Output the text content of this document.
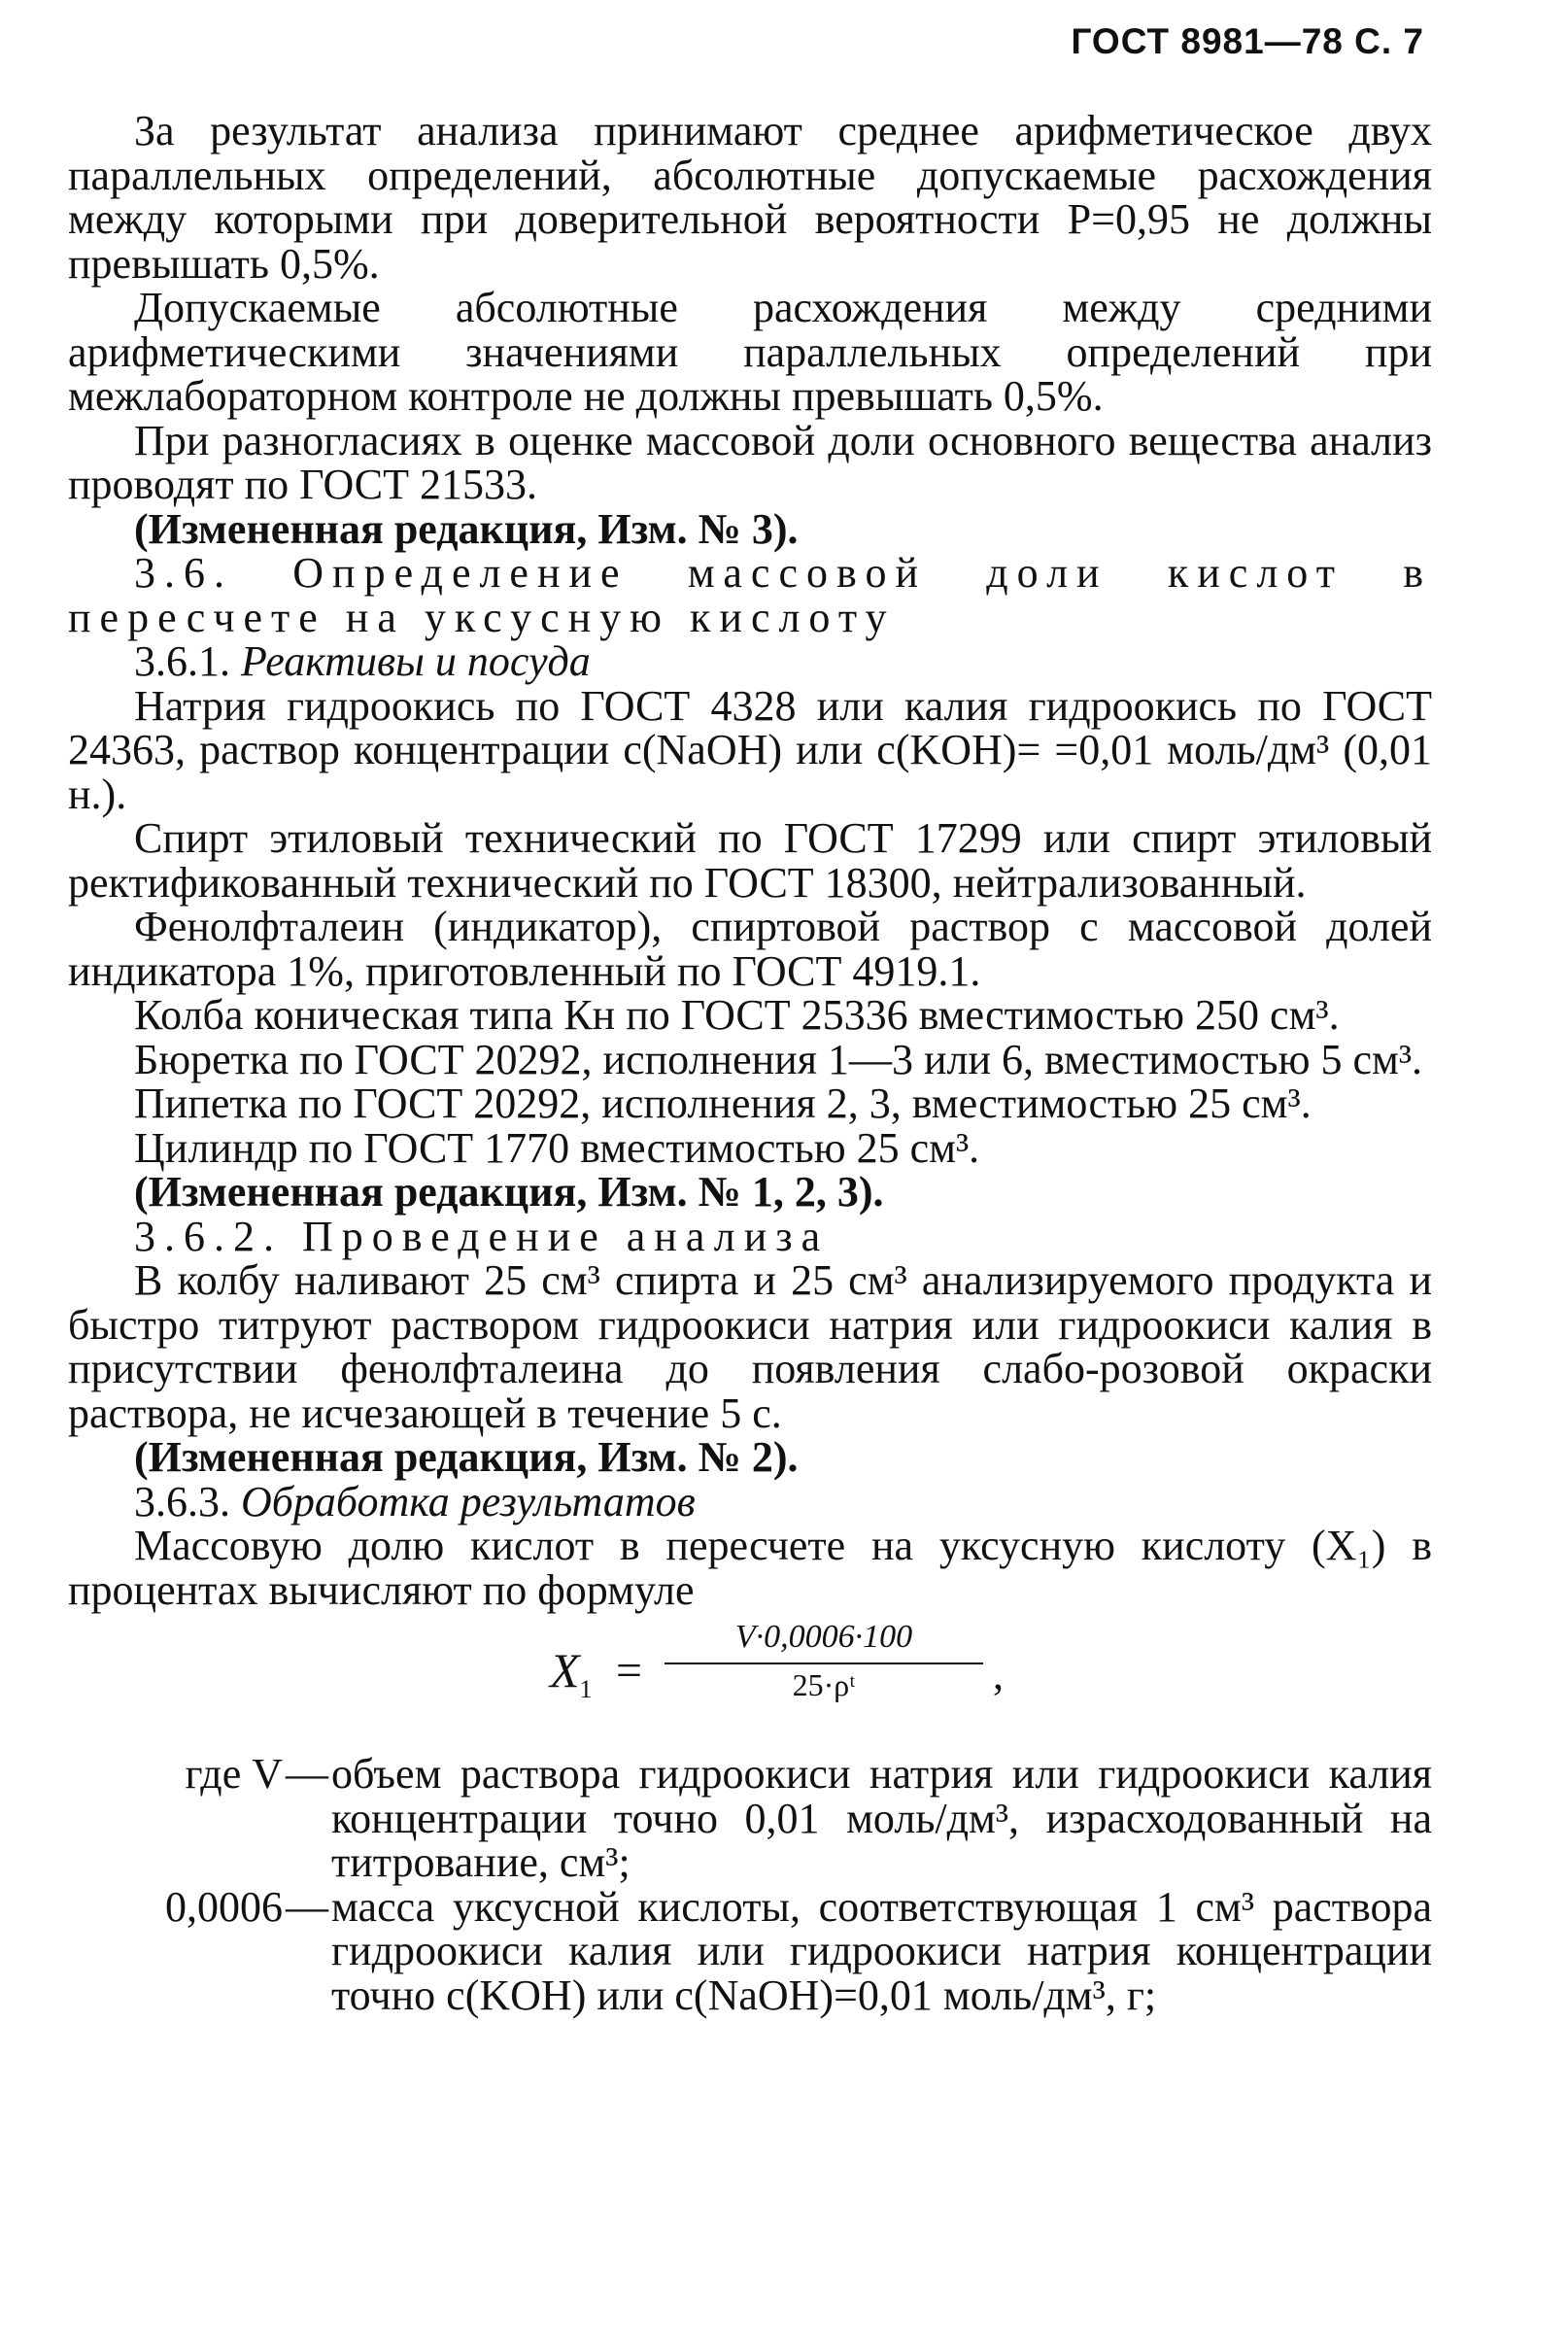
ГОСТ 8981—78 С. 7

За результат анализа принимают среднее арифметическое двух параллельных определений, абсолютные допускаемые расхождения между которыми при доверительной вероятности P=0,95 не должны превышать 0,5%.

Допускаемые абсолютные расхождения между средними арифметическими значениями параллельных определений при межлабораторном контроле не должны превышать 0,5%.

При разногласиях в оценке массовой доли основного вещества анализ проводят по ГОСТ 21533.

(Измененная редакция, Изм. № 3).

3.6. Определение массовой доли кислот в пересчете на уксусную кислоту

3.6.1. Реактивы и посуда

Натрия гидроокись по ГОСТ 4328 или калия гидроокись по ГОСТ 24363, раствор концентрации c(NaOH) или c(KOH)= =0,01 моль/дм³ (0,01 н.).

Спирт этиловый технический по ГОСТ 17299 или спирт этиловый ректификованный технический по ГОСТ 18300, нейтрализованный.

Фенолфталеин (индикатор), спиртовой раствор с массовой долей индикатора 1%, приготовленный по ГОСТ 4919.1.

Колба коническая типа Кн по ГОСТ 25336 вместимостью 250 см³.

Бюретка по ГОСТ 20292, исполнения 1—3 или 6, вместимостью 5 см³.

Пипетка по ГОСТ 20292, исполнения 2, 3, вместимостью 25 см³.

Цилиндр по ГОСТ 1770 вместимостью 25 см³.

(Измененная редакция, Изм. № 1, 2, 3).

3.6.2. Проведение анализа

В колбу наливают 25 см³ спирта и 25 см³ анализируемого продукта и быстро титруют раствором гидроокиси натрия или гидроокиси калия в присутствии фенолфталеина до появления слабо-розовой окраски раствора, не исчезающей в течение 5 с.

(Измененная редакция, Изм. № 2).

3.6.3. Обработка результатов

Массовую долю кислот в пересчете на уксусную кислоту (X₁) в процентах вычисляют по формуле

$X_1$ =
V·0,0006·100
25·ρᵗ	,
где V — объем раствора гидроокиси натрия или гидроокиси калия концентрации точно 0,01 моль/дм³, израсходованный на титрование, см³;
0,0006 — масса уксусной кислоты, соответствующая 1 см³ раствора гидроокиси калия или гидроокиси натрия концентрации точно c(KOH) или c(NaOH)=0,01 моль/дм³, г;
